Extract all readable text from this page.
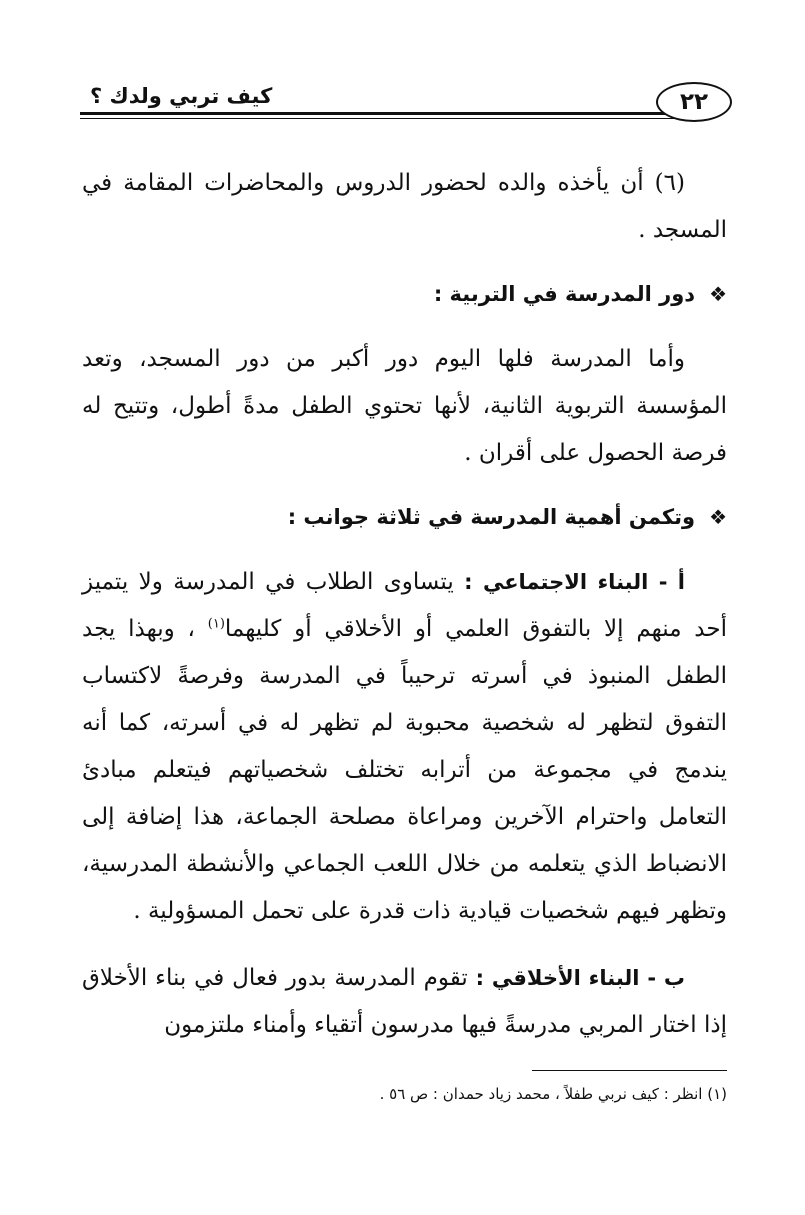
كيف تربي ولدك ؟	٢٢

(٦) أن يأخذه والده لحضور الدروس والمحاضرات المقامة في المسجد .

❖دور المدرسة في التربية :

وأما المدرسة فلها اليوم دور أكبر من دور المسجد، وتعد المؤسسة التربوية الثانية، لأنها تحتوي الطفل مدةً أطول، وتتيح له فرصة الحصول على أقران .

❖وتكمن أهمية المدرسة في ثلاثة جوانب :

أ - البناء الاجتماعي : يتساوى الطلاب في المدرسة ولا يتميز أحد منهم إلا بالتفوق العلمي أو الأخلاقي أو كليهما$^{(١)}$ ، وبهذا يجد الطفل المنبوذ في أسرته ترحيباً في المدرسة وفرصةً لاكتساب التفوق لتظهر له شخصية محبوبة لم تظهر له في أسرته، كما أنه يندمج في مجموعة من أترابه تختلف شخصياتهم فيتعلم مبادئ التعامل واحترام الآخرين ومراعاة مصلحة الجماعة، هذا إضافة إلى الانضباط الذي يتعلمه من خلال اللعب الجماعي والأنشطة المدرسية، وتظهر فيهم شخصيات قيادية ذات قدرة على تحمل المسؤولية .

ب - البناء الأخلاقي : تقوم المدرسة بدور فعال في بناء الأخلاق إذا اختار المربي مدرسةً فيها مدرسون أتقياء وأمناء ملتزمون

(١) انظر : كيف نربي طفلاً ، محمد زياد حمدان : ص ٥٦ .
